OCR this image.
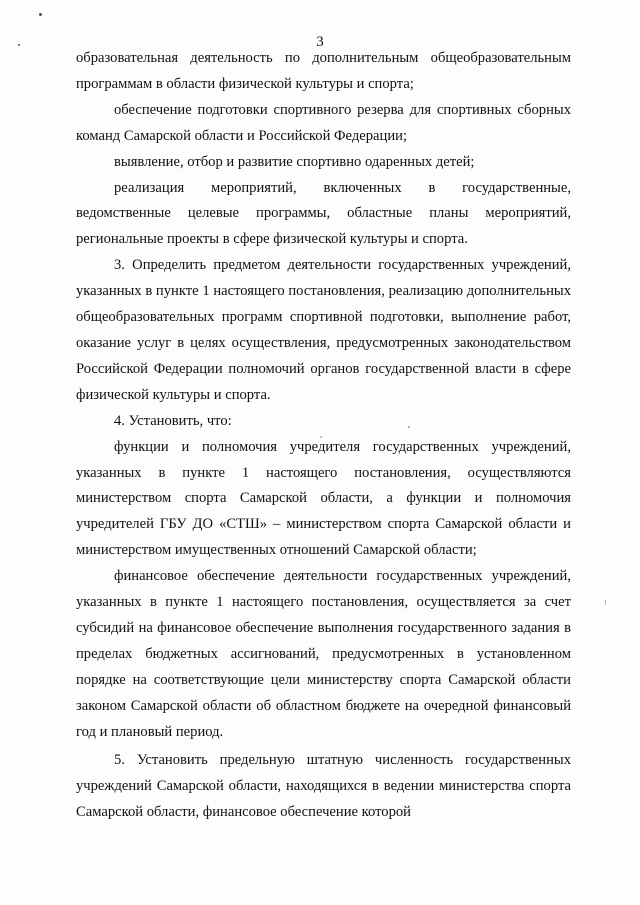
3

образовательная деятельность по дополнительным общеобразовательным программам в области физической культуры и спорта;

обеспечение подготовки спортивного резерва для спортивных сборных команд Самарской области и Российской Федерации;

выявление, отбор и развитие спортивно одаренных детей;

реализация мероприятий, включенных в государственные, ведомственные целевые программы, областные планы мероприятий, региональные проекты в сфере физической культуры и спорта.

3. Определить предметом деятельности государственных учреждений, указанных в пункте 1 настоящего постановления, реализацию дополнительных общеобразовательных программ спортивной подготовки, выполнение работ, оказание услуг в целях осуществления, предусмотренных законодательством Российской Федерации полномочий органов государственной власти в сфере физической культуры и спорта.

4. Установить, что:

функции и полномочия учредителя государственных учреждений, указанных в пункте 1 настоящего постановления, осуществляются министерством спорта Самарской области, а функции и полномочия учредителей ГБУ ДО «СТШ» – министерством спорта Самарской области и министерством имущественных отношений Самарской области;

финансовое обеспечение деятельности государственных учреждений, указанных в пункте 1 настоящего постановления, осуществляется за счет субсидий на финансовое обеспечение выполнения государственного задания в пределах бюджетных ассигнований, предусмотренных в установленном порядке на соответствующие цели министерству спорта Самарской области законом Самарской области об областном бюджете на очередной финансовый год и плановый период.

5. Установить предельную штатную численность государственных учреждений Самарской области, находящихся в ведении министерства спорта Самарской области, финансовое обеспечение которой
